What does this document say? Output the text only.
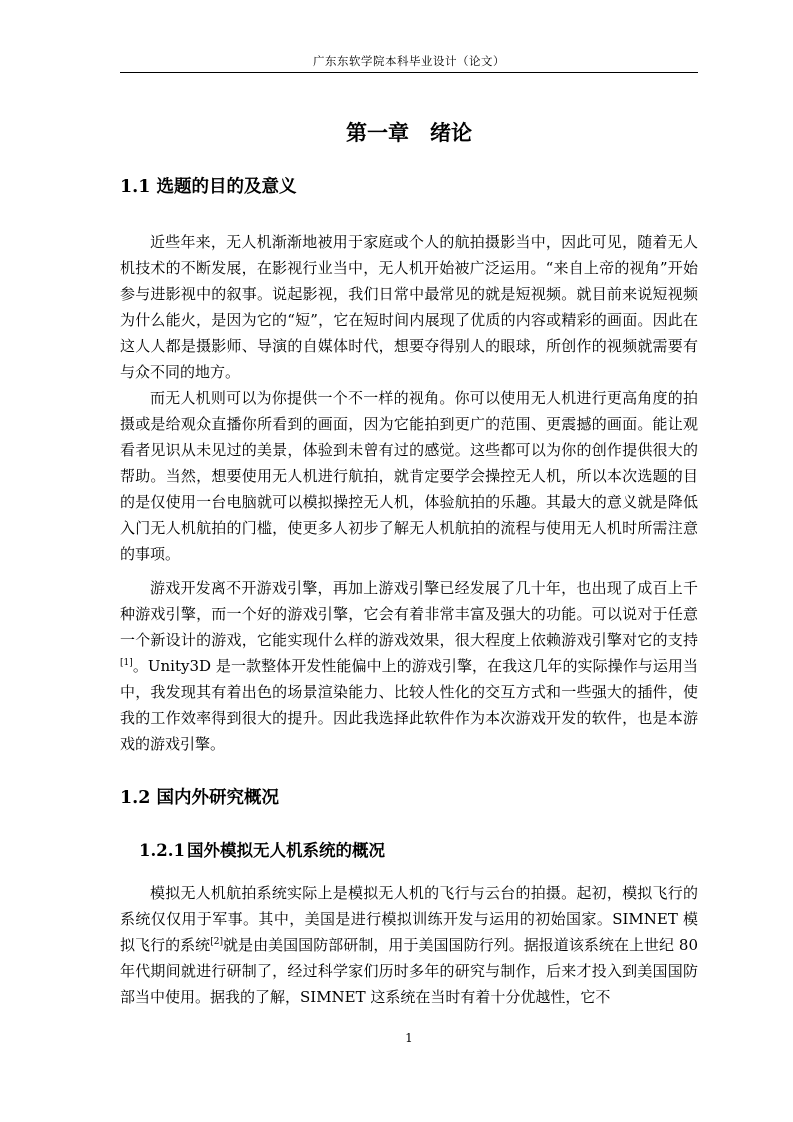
广东东软学院本科毕业设计（论文）
第一章　绪论
1.1 选题的目的及意义

近些年来，无人机渐渐地被用于家庭或个人的航拍摄影当中，因此可见，随着无人机技术的不断发展，在影视行业当中，无人机开始被广泛运用。“来自上帝的视角”开始参与进影视中的叙事。说起影视，我们日常中最常见的就是短视频。就目前来说短视频为什么能火，是因为它的“短”，它在短时间内展现了优质的内容或精彩的画面。因此在这人人都是摄影师、导演的自媒体时代，想要夺得别人的眼球，所创作的视频就需要有与众不同的地方。

而无人机则可以为你提供一个不一样的视角。你可以使用无人机进行更高角度的拍摄或是给观众直播你所看到的画面，因为它能拍到更广的范围、更震撼的画面。能让观看者见识从未见过的美景，体验到未曾有过的感觉。这些都可以为你的创作提供很大的帮助。当然，想要使用无人机进行航拍，就肯定要学会操控无人机，所以本次选题的目的是仅使用一台电脑就可以模拟操控无人机，体验航拍的乐趣。其最大的意义就是降低入门无人机航拍的门槛，使更多人初步了解无人机航拍的流程与使用无人机时所需注意的事项。

游戏开发离不开游戏引擎，再加上游戏引擎已经发展了几十年，也出现了成百上千种游戏引擎，而一个好的游戏引擎，它会有着非常丰富及强大的功能。可以说对于任意一个新设计的游戏，它能实现什么样的游戏效果，很大程度上依赖游戏引擎对它的支持[1]。Unity3D 是一款整体开发性能偏中上的游戏引擎，在我这几年的实际操作与运用当中，我发现其有着出色的场景渲染能力、比较人性化的交互方式和一些强大的插件，使我的工作效率得到很大的提升。因此我选择此软件作为本次游戏开发的软件，也是本游戏的游戏引擎。

1.2 国内外研究概况
1.2.1 国外模拟无人机系统的概况

模拟无人机航拍系统实际上是模拟无人机的飞行与云台的拍摄。起初，模拟飞行的系统仅仅用于军事。其中，美国是进行模拟训练开发与运用的初始国家。SIMNET 模拟飞行的系统[2]就是由美国国防部研制，用于美国国防行列。据报道该系统在上世纪 80 年代期间就进行研制了，经过科学家们历时多年的研究与制作，后来才投入到美国国防部当中使用。据我的了解，SIMNET 这系统在当时有着十分优越性，它不

1
